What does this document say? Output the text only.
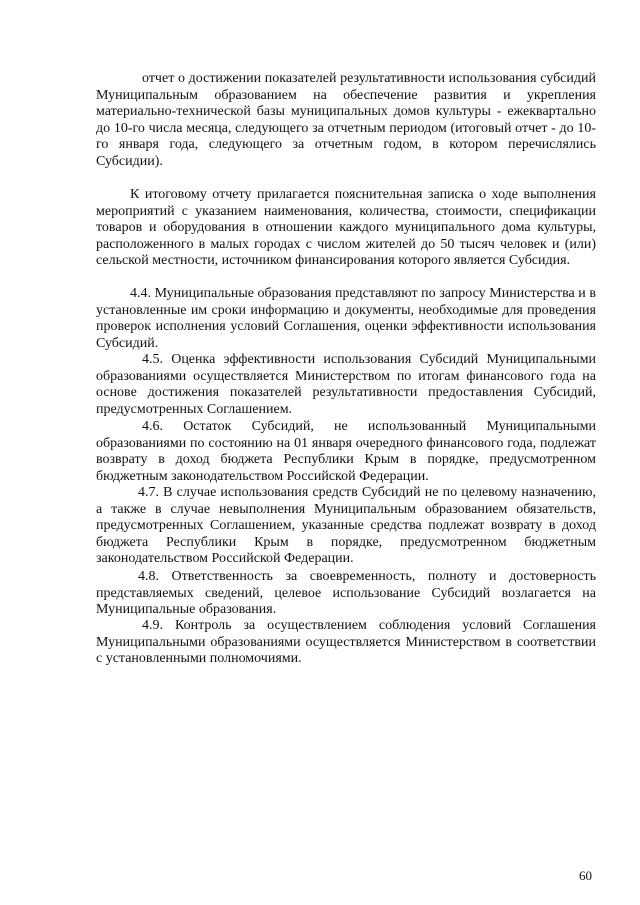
отчет о достижении показателей результативности использования субсидий Муниципальным образованием на обеспечение развития и укрепления материально-технической базы муниципальных домов культуры - ежеквартально до 10-го числа месяца, следующего за отчетным периодом (итоговый отчет - до 10-го января года, следующего за отчетным годом, в котором перечислялись Субсидии).

К итоговому отчету прилагается пояснительная записка о ходе выполнения мероприятий с указанием наименования, количества, стоимости, спецификации товаров и оборудования в отношении каждого муниципального дома культуры, расположенного в малых городах с числом жителей до 50 тысяч человек и (или) сельской местности, источником финансирования которого является Субсидия.

4.4. Муниципальные образования представляют по запросу Министерства и в установленные им сроки информацию и документы, необходимые для проведения проверок исполнения условий Соглашения, оценки эффективности использования Субсидий.

4.5. Оценка эффективности использования Субсидий Муниципальными образованиями осуществляется Министерством по итогам финансового года на основе достижения показателей результативности предоставления Субсидий, предусмотренных Соглашением.

4.6. Остаток Субсидий, не использованный Муниципальными образованиями по состоянию на 01 января очередного финансового года, подлежат возврату в доход бюджета Республики Крым в порядке, предусмотренном бюджетным законодательством Российской Федерации.

4.7. В случае использования средств Субсидий не по целевому назначению, а также в случае невыполнения Муниципальным образованием обязательств, предусмотренных Соглашением, указанные средства подлежат возврату в доход бюджета Республики Крым в порядке, предусмотренном бюджетным законодательством Российской Федерации.

4.8. Ответственность за своевременность, полноту и достоверность представляемых сведений, целевое использование Субсидий возлагается на Муниципальные образования.

4.9. Контроль за осуществлением соблюдения условий Соглашения Муниципальными образованиями осуществляется Министерством в соответствии с установленными полномочиями.

60
